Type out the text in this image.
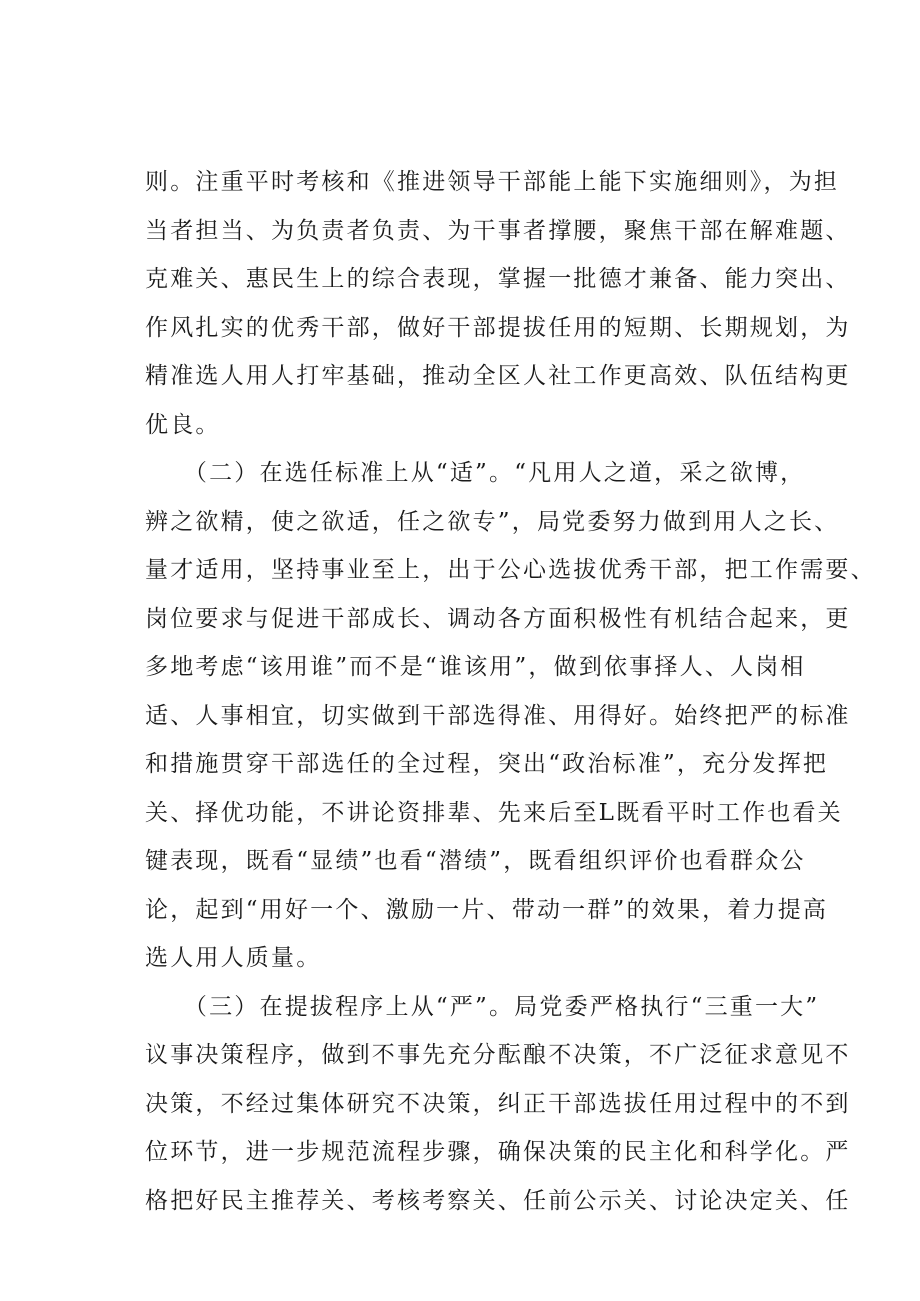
则。注重平时考核和《推进领导干部能上能下实施细则》，为担
当者担当、为负责者负责、为干事者撑腰，聚焦干部在解难题、
克难关、惠民生上的综合表现，掌握一批德才兼备、能力突出、
作风扎实的优秀干部，做好干部提拔任用的短期、长期规划，为
精准选人用人打牢基础，推动全区人社工作更高效、队伍结构更
优良。
　　（二）在选任标准上从“适”。“凡用人之道，采之欲博，
辨之欲精，使之欲适，任之欲专”，局党委努力做到用人之长、
量才适用，坚持事业至上，出于公心选拔优秀干部，把工作需要、
岗位要求与促进干部成长、调动各方面积极性有机结合起来，更
多地考虑“该用谁”而不是“谁该用”，做到依事择人、人岗相
适、人事相宜，切实做到干部选得准、用得好。始终把严的标准
和措施贯穿干部选任的全过程，突出“政治标准”，充分发挥把
关、择优功能，不讲论资排辈、先来后至L既看平时工作也看关
键表现，既看“显绩”也看“潜绩”，既看组织评价也看群众公
论，起到“用好一个、激励一片、带动一群”的效果，着力提高
选人用人质量。
　　（三）在提拔程序上从“严”。局党委严格执行“三重一大”
议事决策程序，做到不事先充分酝酿不决策，不广泛征求意见不
决策，不经过集体研究不决策，纠正干部选拔任用过程中的不到
位环节，进一步规范流程步骤，确保决策的民主化和科学化。严
格把好民主推荐关、考核考察关、任前公示关、讨论决定关、任
